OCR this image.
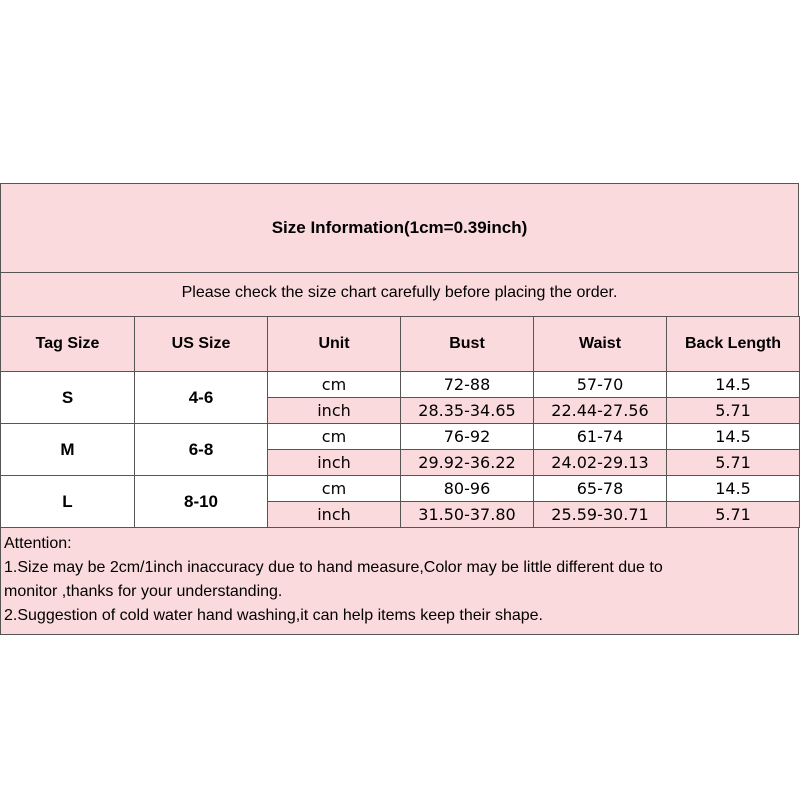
Size Information(1cm=0.39inch)
Please check the size chart carefully before placing the order.
Tag Size	US Size	Unit	Bust	Waist	Back Length
S	4-6	cm	72-88	57-70	14.5
		inch	28.35-34.65	22.44-27.56	5.71
M	6-8	cm	76-92	61-74	14.5
		inch	29.92-36.22	24.02-29.13	5.71
L	8-10	cm	80-96	65-78	14.5
		inch	31.50-37.80	25.59-30.71	5.71
Attention:
1.Size may be 2cm/1inch inaccuracy due to hand measure,Color may be little different due to
monitor ,thanks for your understanding.
2.Suggestion of cold water hand washing,it can help items keep their shape.
